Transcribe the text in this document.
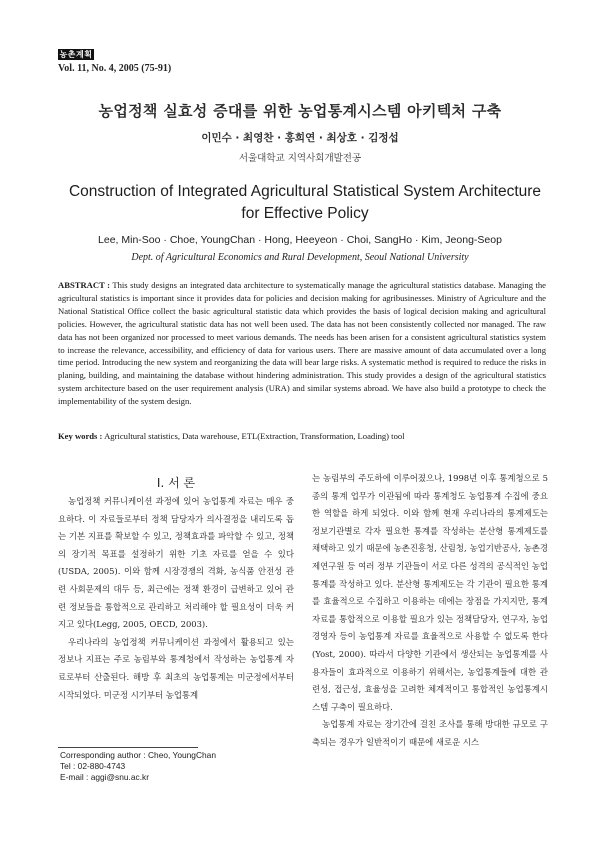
농촌계획
Vol. 11, No. 4, 2005 (75-91)
농업정책 실효성 증대를 위한 농업통계시스템 아키텍처 구축
이민수 · 최영찬 · 홍희연 · 최상호 · 김정섭
서울대학교 지역사회개발전공
Construction of Integrated Agricultural Statistical System Architecture for Effective Policy
Lee, Min-Soo · Choe, YoungChan · Hong, Heeyeon · Choi, SangHo · Kim, Jeong-Seop
Dept. of Agricultural Economics and Rural Development, Seoul National University
ABSTRACT : This study designs an integrated data architecture to systematically manage the agricultural statistics database. Managing the agricultural statistics is important since it provides data for policies and decision making for agribusinesses. Ministry of Agriculture and the National Statistical Office collect the basic agricultural statistic data which provides the basis of logical decision making and agricultural policies. However, the agricultural statistic data has not well been used. The data has not been consistently collected nor managed. The raw data has not been organized nor processed to meet various demands. The needs has been arisen for a consistent agricultural statistics system to increase the relevance, accessibility, and efficiency of data for various users. There are massive amount of data accumulated over a long time period. Introducing the new system and reorganizing the data will bear large risks. A systematic method is required to reduce the risks in planing, building, and maintaining the database without hindering administration. This study provides a design of the agricultural statistics system architecture based on the user requirement analysis (URA) and similar systems abroad. We have also build a prototype to check the implementability of the system design.
Key words : Agricultural statistics, Data warehouse, ETL(Extraction, Transformation, Loading) tool
I. 서 론

농업정책 커뮤니케이션 과정에 있어 농업통계 자료는 매우 중요하다. 이 자료들로부터 정책 담당자가 의사결정을 내리도록 돕는 기본 지표를 확보할 수 있고, 정책효과를 파악할 수 있고, 정책의 장기적 목표를 설정하기 위한 기초 자료를 얻을 수 있다(USDA, 2005). 이와 함께 시장경쟁의 격화, 농식품 안전성 관련 사회문제의 대두 등, 최근에는 정책 환경이 급변하고 있어 관련 정보들을 통합적으로 관리하고 처리해야 할 필요성이 더욱 커지고 있다(Legg, 2005, OECD, 2003).

우리나라의 농업정책 커뮤니케이션 과정에서 활용되고 있는 정보나 지표는 주로 농림부와 통계청에서 작성하는 농업통계 자료로부터 산출된다. 해방 후 최초의 농업통계는 미군정에서부터 시작되었다. 미군정 시기부터 농업통계

는 농림부의 주도하에 이루어졌으나, 1998년 이후 통계청으로 5종의 통계 업무가 이관됨에 따라 통계청도 농업통계 수집에 중요한 역할을 하게 되었다. 이와 함께 현재 우리나라의 통계제도는 정보기관별로 각자 필요한 통계를 작성하는 분산형 통계제도를 채택하고 있기 때문에 농촌진흥청, 산림청, 농업기반공사, 농촌경제연구원 등 여러 정부 기관들이 서로 다른 성격의 공식적인 농업통계를 작성하고 있다. 분산형 통계제도는 각 기관이 필요한 통계를 효율적으로 수집하고 이용하는 데에는 장점을 가지지만, 통계자료를 통합적으로 이용할 필요가 있는 정책담당자, 연구자, 농업경영자 등이 농업통계 자료를 효율적으로 사용할 수 없도록 한다(Yost, 2000). 따라서 다양한 기관에서 생산되는 농업통계를 사용자들이 효과적으로 이용하기 위해서는, 농업통계들에 대한 관련성, 접근성, 효율성을 고려한 체계적이고 통합적인 농업통계시스템 구축이 필요하다.

농업통계 자료는 장기간에 걸친 조사를 통해 방대한 규모로 구축되는 경우가 일반적이기 때문에 새로운 시스

Corresponding author : Cheo, YoungChan
Tel : 02-880-4743
E-mail : aggi@snu.ac.kr
